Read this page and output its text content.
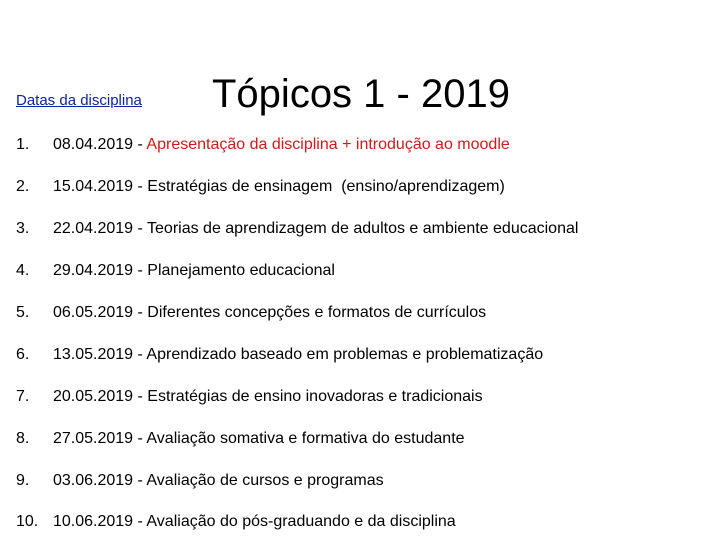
Tópicos 1 - 2019
Datas da disciplina
1. 08.04.2019 - Apresentação da disciplina + introdução ao moodle
2. 15.04.2019 - Estratégias de ensinagem  (ensino/aprendizagem)
3. 22.04.2019 - Teorias de aprendizagem de adultos e ambiente educacional
4. 29.04.2019 - Planejamento educacional
5. 06.05.2019 - Diferentes concepções e formatos de currículos
6. 13.05.2019 - Aprendizado baseado em problemas e problematização
7. 20.05.2019 - Estratégias de ensino inovadoras e tradicionais
8. 27.05.2019 - Avaliação somativa e formativa do estudante
9. 03.06.2019 - Avaliação de cursos e programas
10. 10.06.2019 - Avaliação do pós-graduando e da disciplina
